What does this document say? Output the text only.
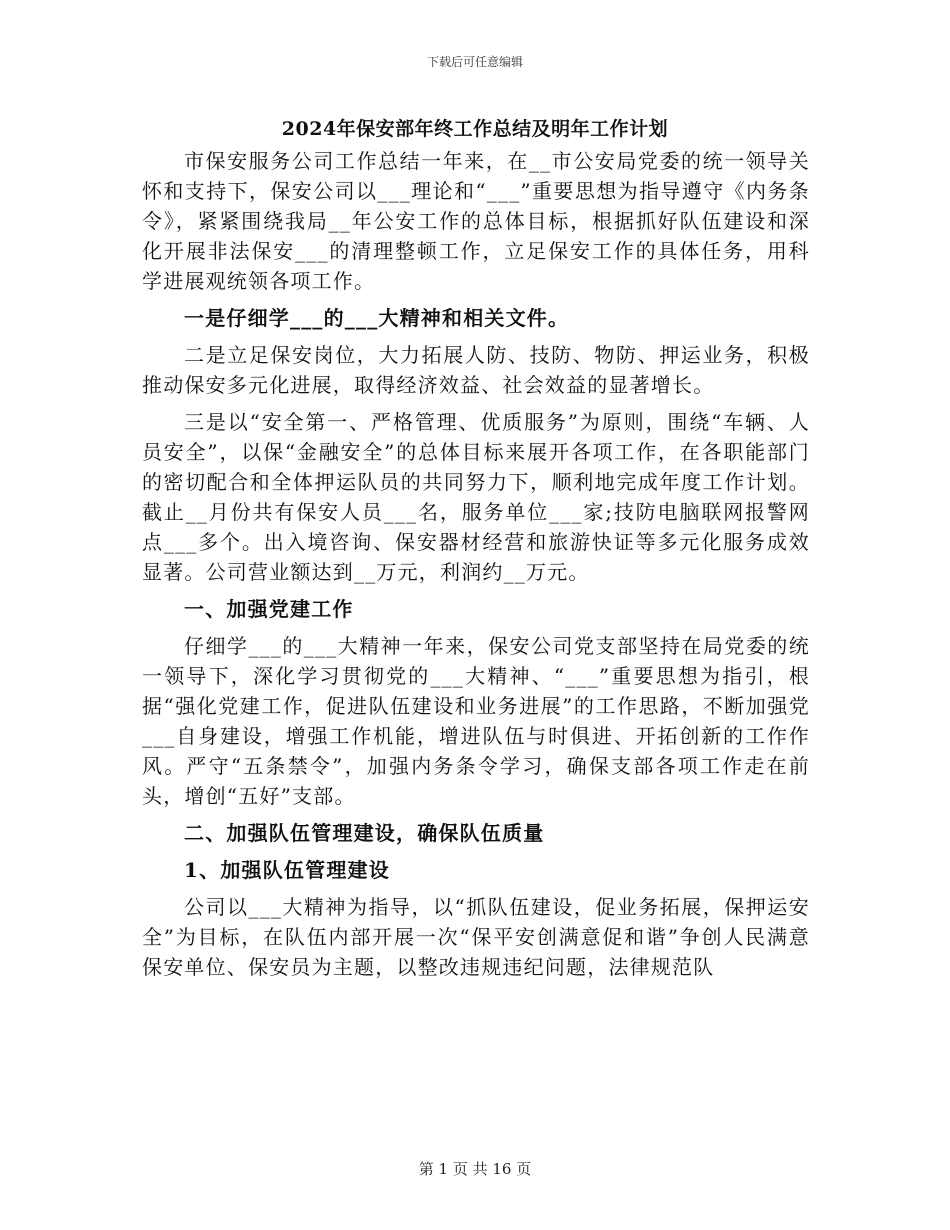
下载后可任意编辑
2024年保安部年终工作总结及明年工作计划

市保安服务公司工作总结一年来，在__市公安局党委的统一领导关怀和支持下，保安公司以___理论和“___”重要思想为指导遵守《内务条令》，紧紧围绕我局__年公安工作的总体目标，根据抓好队伍建设和深化开展非法保安___的清理整顿工作，立足保安工作的具体任务，用科学进展观统领各项工作。

一是仔细学___的___大精神和相关文件。

二是立足保安岗位，大力拓展人防、技防、物防、押运业务，积极推动保安多元化进展，取得经济效益、社会效益的显著增长。

三是以“安全第一、严格管理、优质服务”为原则，围绕“车辆、人员安全”，以保“金融安全”的总体目标来展开各项工作，在各职能部门的密切配合和全体押运队员的共同努力下，顺利地完成年度工作计划。截止__月份共有保安人员___名，服务单位___家;技防电脑联网报警网点___多个。出入境咨询、保安器材经营和旅游快证等多元化服务成效显著。公司营业额达到__万元，利润约__万元。

一、加强党建工作

仔细学___的___大精神一年来，保安公司党支部坚持在局党委的统一领导下，深化学习贯彻党的___大精神、“___”重要思想为指引，根据“强化党建工作，促进队伍建设和业务进展”的工作思路，不断加强党___自身建设，增强工作机能，增进队伍与时俱进、开拓创新的工作作风。严守“五条禁令”，加强内务条令学习，确保支部各项工作走在前头，增创“五好”支部。

二、加强队伍管理建设，确保队伍质量

1、加强队伍管理建设

公司以___大精神为指导，以“抓队伍建设，促业务拓展，保押运安全”为目标，在队伍内部开展一次“保平安创满意促和谐”争创人民满意保安单位、保安员为主题，以整改违规违纪问题，法律规范队

第 1 页 共 16 页
